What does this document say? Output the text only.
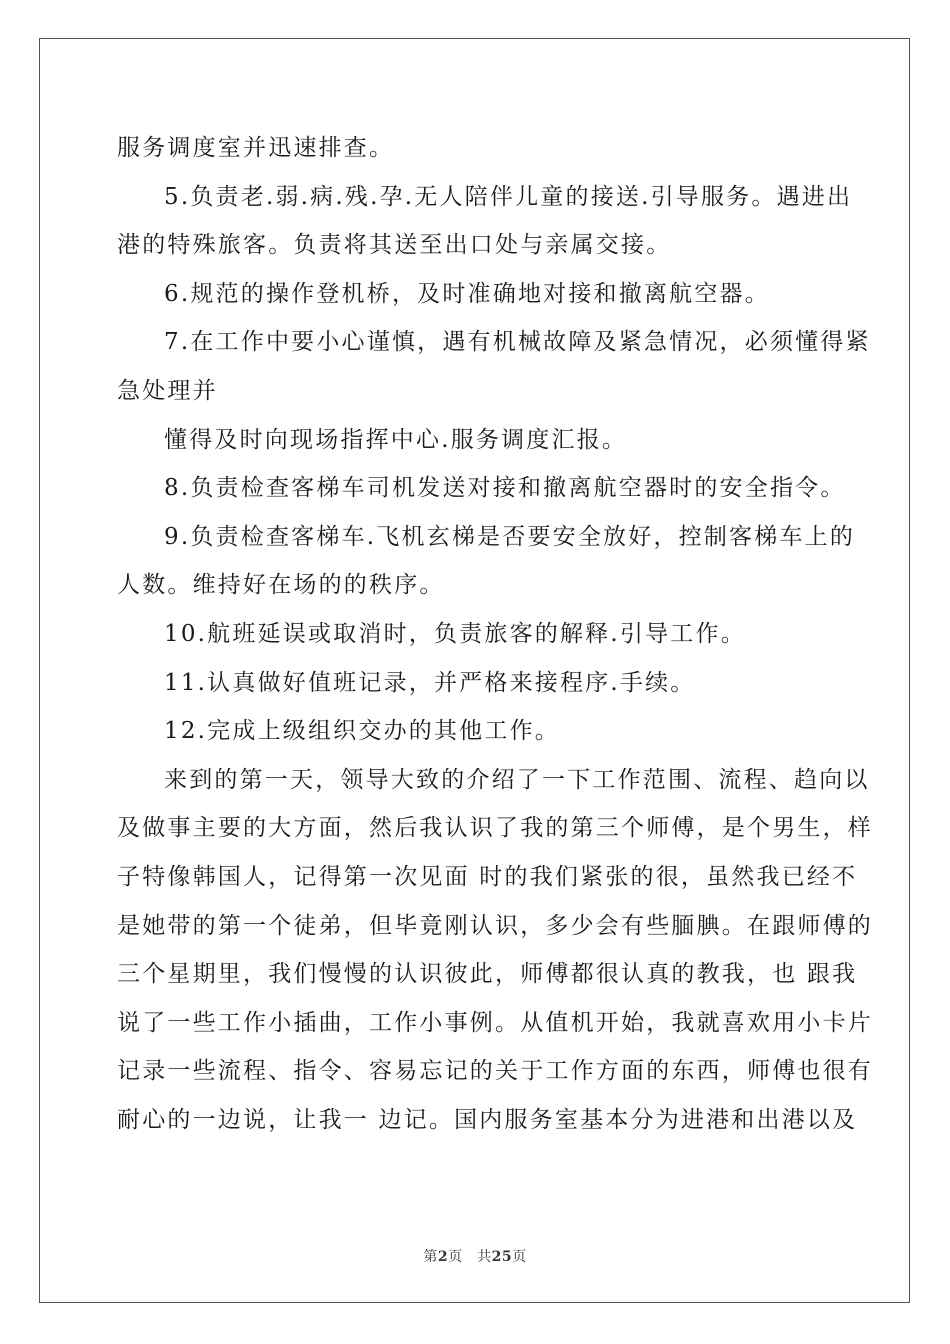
服务调度室并迅速排查。
5.负责老.弱.病.残.孕.无人陪伴儿童的接送.引导服务。遇进出
港的特殊旅客。负责将其送至出口处与亲属交接。
6.规范的操作登机桥，及时准确地对接和撤离航空器。
7.在工作中要小心谨慎，遇有机械故障及紧急情况，必须懂得紧
急处理并
懂得及时向现场指挥中心.服务调度汇报。
8.负责检查客梯车司机发送对接和撤离航空器时的安全指令。
9.负责检查客梯车.飞机玄梯是否要安全放好，控制客梯车上的
人数。维持好在场的的秩序。
10.航班延误或取消时，负责旅客的解释.引导工作。
11.认真做好值班记录，并严格来接程序.手续。
12.完成上级组织交办的其他工作。
来到的第一天，领导大致的介绍了一下工作范围、流程、趋向以
及做事主要的大方面，然后我认识了我的第三个师傅，是个男生，样
子特像韩国人，记得第一次见面 时的我们紧张的很，虽然我已经不
是她带的第一个徒弟，但毕竟刚认识，多少会有些腼腆。在跟师傅的
三个星期里，我们慢慢的认识彼此，师傅都很认真的教我，也 跟我
说了一些工作小插曲，工作小事例。从值机开始，我就喜欢用小卡片
记录一些流程、指令、容易忘记的关于工作方面的东西，师傅也很有
耐心的一边说，让我一 边记。国内服务室基本分为进港和出港以及
第2页　共25页
